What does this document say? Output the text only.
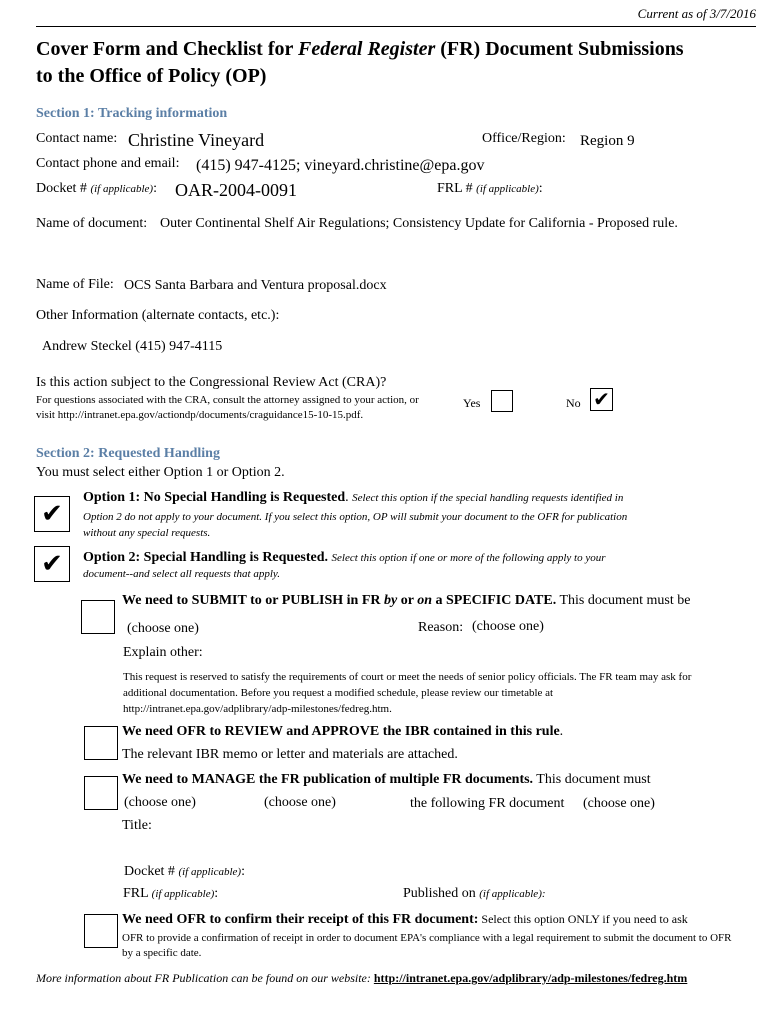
Current as of 3/7/2016
Cover Form and Checklist for Federal Register (FR) Document Submissions
to the Office of Policy (OP)
Section 1: Tracking information
Contact name: Christine Vineyard	Office/Region: Region 9
Contact phone and email: (415) 947-4125; vineyard.christine@epa.gov
Docket # (if applicable): OAR-2004-0091	FRL # (if applicable):
Name of document: Outer Continental Shelf Air Regulations; Consistency Update for California - Proposed rule.
Name of File: OCS Santa Barbara and Ventura proposal.docx
Other Information (alternate contacts, etc.):
Andrew Steckel (415) 947-4115
Is this action subject to the Congressional Review Act (CRA)?
For questions associated with the CRA, consult the attorney assigned to your action, or
visit http://intranet.epa.gov/actiondp/documents/craguidance15-10-15.pdf.
Yes	No ✔
Section 2: Requested Handling
You must select either Option 1 or Option 2.
✔
Option 1: No Special Handling is Requested. Select this option if the special handling requests identified in
Option 2 do not apply to your document. If you select this option, OP will submit your document to the OFR for publication
without any special requests.
✔ Option 2: Special Handling is Requested. Select this option if one or more of the following apply to your
document--and select all requests that apply.
We need to SUBMIT to or PUBLISH in FR by or on a SPECIFIC DATE. This document must be
(choose one)	Reason: (choose one)
Explain other:
This request is reserved to satisfy the requirements of court or meet the needs of senior policy officials. The FR team may ask for additional documentation. Before you request a modified schedule, please review our timetable at http://intranet.epa.gov/adplibrary/adp-milestones/fedreg.htm.
We need OFR to REVIEW and APPROVE the IBR contained in this rule.
The relevant IBR memo or letter and materials are attached.
We need to MANAGE the FR publication of multiple FR documents. This document must
(choose one)	(choose one)	the following FR document (choose one)
Title:
Docket # (if applicable):
FRL (if applicable):	Published on (if applicable):
We need OFR to confirm their receipt of this FR document: Select this option ONLY if you need to ask
OFR to provide a confirmation of receipt in order to document EPA's compliance with a legal requirement to submit the document to OFR by a specific date.
More information about FR Publication can be found on our website: http://intranet.epa.gov/adplibrary/adp-milestones/fedreg.htm
